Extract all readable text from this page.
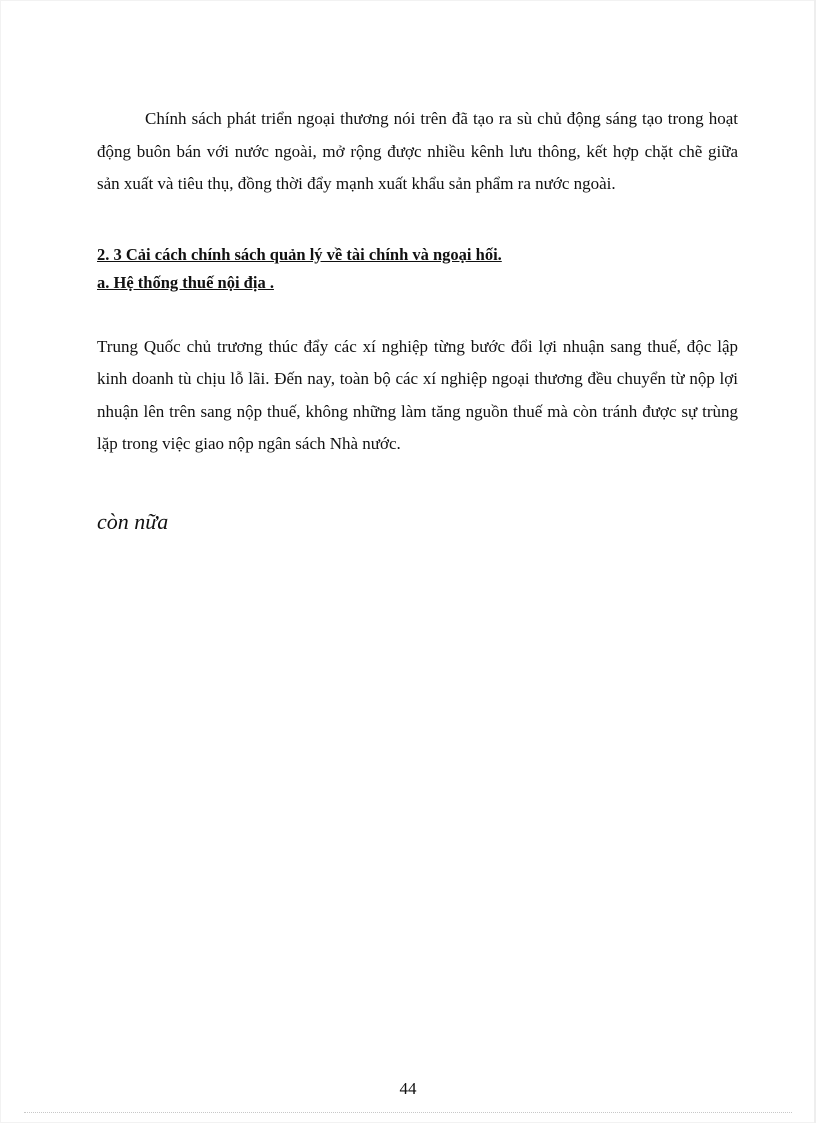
Chính sách phát triển ngoại thương nói trên đã tạo ra sù chủ động sáng tạo trong hoạt động buôn bán với nước ngoài, mở rộng được nhiều kênh lưu thông, kết hợp chặt chẽ giữa sản xuất và tiêu thụ, đồng thời đẩy mạnh xuất khẩu sản phẩm ra nước ngoài.

2. 3 Cải cách chính sách quản lý về tài chính và ngoại hối.

a. Hệ thống thuế nội địa .

Trung Quốc chủ trương thúc đẩy các xí nghiệp từng bước đổi lợi nhuận sang thuế, độc lập kinh doanh tù chịu lỗ lãi. Đến nay, toàn bộ các xí nghiệp ngoại thương đều chuyển từ nộp lợi nhuận lên trên sang nộp thuế, không những làm tăng nguồn thuế mà còn tránh được sự trùng lặp trong việc giao nộp ngân sách Nhà nước.

còn nữa

44
